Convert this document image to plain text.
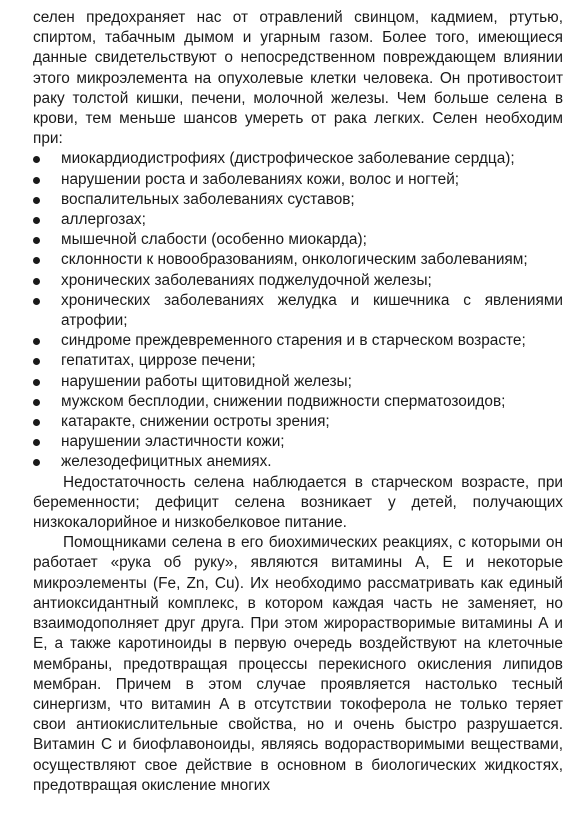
селен предохраняет нас от отравлений свинцом, кадмием, ртутью, спиртом, табачным дымом и угарным газом. Более того, имеющиеся данные свидетельствуют о непосредственном повреждающем влиянии этого микроэлемента на опухолевые клетки человека. Он противостоит раку толстой кишки, печени, молочной железы. Чем больше селена в крови, тем меньше шансов умереть от рака легких. Селен необходим при:

миокардиодистрофиях (дистрофическое заболевание сердца);
нарушении роста и заболеваниях кожи, волос и ногтей;
воспалительных заболеваниях суставов;
аллергозах;
мышечной слабости (особенно миокарда);
склонности к новообразованиям, онкологическим заболеваниям;
хронических заболеваниях поджелудочной железы;
хронических заболеваниях желудка и кишечника с явлениями атрофии;
синдроме преждевременного старения и в старческом возрасте;
гепатитах, циррозе печени;
нарушении работы щитовидной железы;
мужском бесплодии, снижении подвижности сперматозоидов;
катаракте, снижении остроты зрения;
нарушении эластичности кожи;
железодефицитных анемиях.

Недостаточность селена наблюдается в старческом возрасте, при беременности; дефицит селена возникает у детей, получающих низкокалорийное и низкобелковое питание.

Помощниками селена в его биохимических реакциях, с которыми он работает «рука об руку», являются витамины А, Е и некоторые микроэлементы (Fe, Zn, Cu). Их необходимо рассматривать как единый антиоксидантный комплекс, в котором каждая часть не заменяет, но взаимодополняет друг друга. При этом жирорастворимые витамины А и Е, а также каротиноиды в первую очередь воздействуют на клеточные мембраны, предотвращая процессы перекисного окисления липидов мембран. Причем в этом случае проявляется настолько тесный синергизм, что витамин А в отсутствии токоферола не только теряет свои антиокислительные свойства, но и очень быстро разрушается. Витамин С и биофлавоноиды, являясь водорастворимыми веществами, осуществляют свое действие в основном в биологических жидкостях, предотвращая окисление многих
